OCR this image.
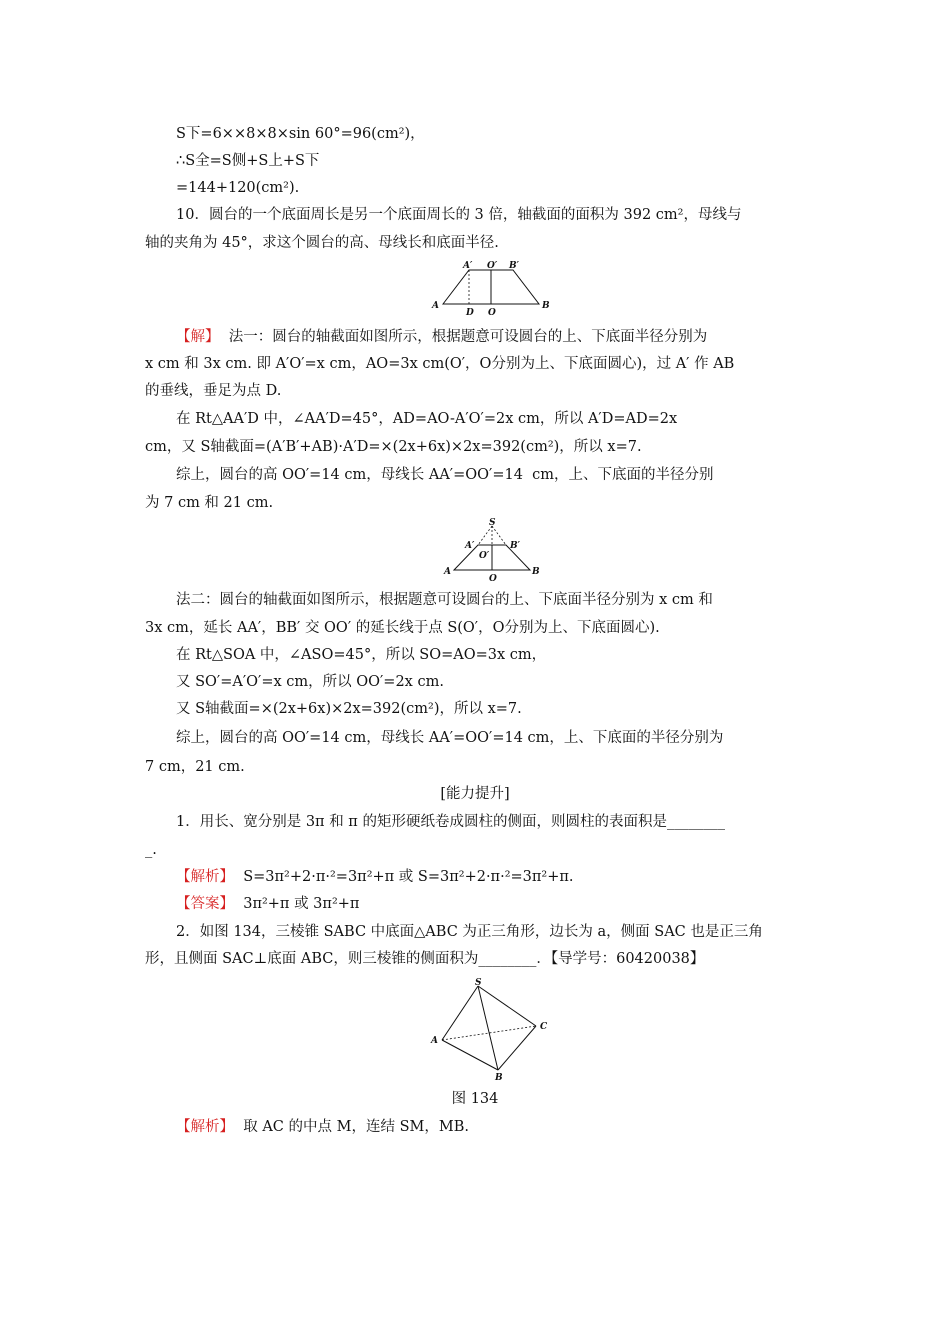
S下=6××8×8×sin 60°=96(cm²)，
∴S全=S侧+S上+S下
=144+120(cm²).
10．圆台的一个底面周长是另一个底面周长的 3 倍，轴截面的面积为 392 cm²，母线与
轴的夹角为 45°，求这个圆台的高、母线长和底面半径.
A′ O′ B′
A
D O
B
【解】 法一：圆台的轴截面如图所示，根据题意可设圆台的上、下底面半径分别为
x cm 和 3x cm. 即 A′O′=x cm，AO=3x cm(O′，O分别为上、下底面圆心)，过 A′ 作 AB
的垂线，垂足为点 D.
在 Rt△AA′D 中，∠AA′D=45°，AD=AO-A′O′=2x cm，所以 A′D=AD=2x
cm，又 S轴截面=(A′B′+AB)·A′D=×(2x+6x)×2x=392(cm²)，所以 x=7.
综上，圆台的高 OO′=14 cm，母线长 AA′=OO′=14  cm，上、下底面的半径分别
为 7 cm 和 21 cm.
S
A′
O′
B′
A
O
B
法二：圆台的轴截面如图所示，根据题意可设圆台的上、下底面半径分别为 x cm 和
3x cm，延长 AA′，BB′ 交 OO′ 的延长线于点 S(O′，O分别为上、下底面圆心).
在 Rt△SOA 中，∠ASO=45°，所以 SO=AO=3x cm，
又 SO′=A′O′=x cm，所以 OO′=2x cm.
又 S轴截面=×(2x+6x)×2x=392(cm²)，所以 x=7.
综上，圆台的高 OO′=14 cm，母线长 AA′=OO′=14 cm，上、下底面的半径分别为
7 cm，21 cm.
[能力提升]
1．用长、宽分别是 3π 和 π 的矩形硬纸卷成圆柱的侧面，则圆柱的表面积是________
_.
【解析】 S=3π²+2·π·²=3π²+π 或 S=3π²+2·π·²=3π²+π.
【答案】 3π²+π 或 3π²+π
2．如图 134，三棱锥 SABC 中底面△ABC 为正三角形，边长为 a，侧面 SAC 也是正三角
形，且侧面 SAC⊥底面 ABC，则三棱锥的侧面积为________．【导学号：60420038】
S
C
A
B
图 134
【解析】 取 AC 的中点 M，连结 SM，MB.
